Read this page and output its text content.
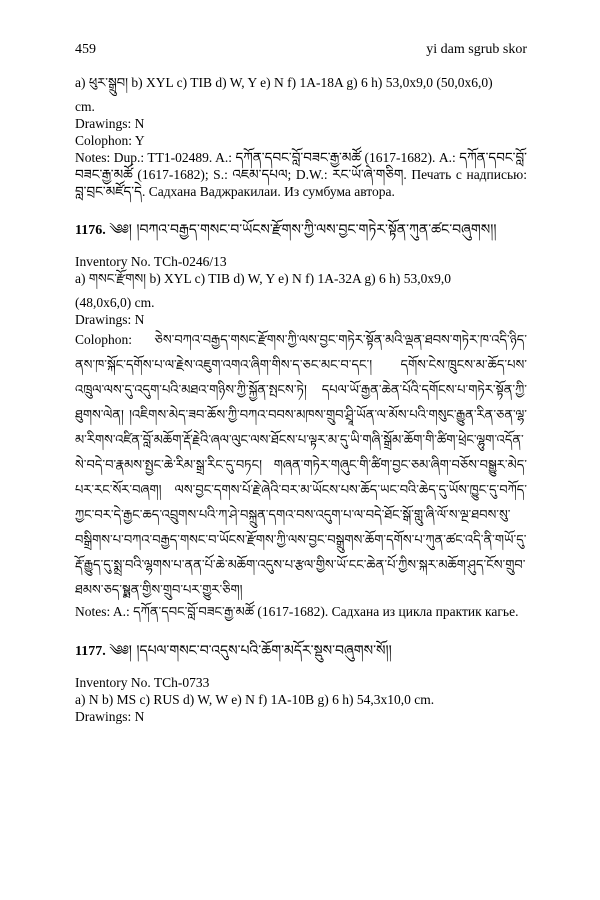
459	yi dam sgrub skor
a) ཕུར་སྒྲུབ། b) XYL c) TIB d) W, Y e) N f) 1A-18A g) 6 h) 53,0x9,0 (50,0x6,0)
cm.
Drawings: N
Colophon: Y
Notes: Dup.: TT1-02489. A.: དཀོན་དབང་བློ་བཟང་རྒྱ་མཚོ (1617-1682). A.: དཀོན་དབང་བློ་བཟང་རྒྱ་མཚོ (1617-1682); S.: འཇམ་དཔལ; D.W.: རང་ཡོ་ཞེ་གཅིག. Печать с надписью: བླ་བྲང་མཛོད་དེ. Садхана Ваджракилаи. Из сумбума автора.
1176. ༄༅། །བཀའ་བརྒྱད་གསང་བ་ཡོངས་རྫོགས་ཀྱི་ལས་བྱང་གཏེར་སྟོན་ཀུན་ཚང་བཞུགས།།
Inventory No. TCh-0246/13
a) གསང་རྫོགས། b) XYL c) TIB d) W, Y e) N f) 1A-32A g) 6 h) 53,0x9,0
(48,0x6,0) cm.
Drawings: N
Colophon: ཅེས་བཀའ་བརྒྱད་གསང་རྫོགས་ཀྱི་ལས་བྱང་གཏེར་སྟོན་མའི་ལྡན་ཐབས་གཏེར་ཁ་འདི་ཉིད་ནས་ཁ་སྐོང་དགོས་པ་ལ་རྗེས་འཇུག་འགའ་ཞིག་གིས་ད་ཅང་མང་བ་དང་། དགོས་ངེས་ཁྲུངས་མ་ཆོད་པས་འཁྲུལ་ལས་དུ་འདུག་པའི་མཐའ་གཉིས་ཀྱི་སྐྱོན་སྤངས་ཏེ། དཔལ་ཡོ་རྒྱན་ཆེན་པོའི་དགོངས་པ་གཏེར་སྟོན་ཀྱི་ཐུགས་ལེན། །འཇིགས་མེད་ཟབ་ཆོས་ཀྱི་བཀའ་བབས་མཁས་གྲུབ་ཤྲཱི་ཡོན་ལ་མོས་པའི་གསུང་རྒྱུན་རིན་ཅན་ལྷ་མ་རིགས་འཛིན་བློ་མཆོག་རྡོ་རྗེའི་ཞལ་ལུང་ལས་ཐོངས་པ་ལྟར་མ་དུ་ཡི་གཞི་སྒྲོམ་ཆོག་གི་ཚིག་ཕྲེང་ལྷུག་འདོན་སེ་བདེ་བ་རྣམས་སྤྱང་ཆེ་རིམ་སྒྲ་རིང་དུ་བཏང། གཞན་གཏེར་གཞུང་གི་ཚིག་བྱང་ཅམ་ཞིག་བཅོས་བསྒྱུར་མེད་པར་རང་སོར་བཞག། ལས་བྱང་དགས་པོ་རྗེ་ཞེའི་བར་མ་ཡོངས་པས་ཆོད་ཡང་བའི་ཆེད་དུ་ཡོས་ཁྱུང་དུ་བཀོད་ཀྱང་བར་དེ་རྒྱང་ཆད་འབྲུགས་པའི་ཀ་ཤེ་བསྐྲུན་དགའ་བས་འདུག་པ་ལ་བདེ་ཐོང་སྒོ་གླུ་ཞི་ལོ་ས་ལྔ་ཐབས་སུ་བསྒྲིགས་པ་བཀའ་བརྒྱད་གསང་བ་ཡོངས་རྫོགས་ཀྱི་ལས་བྱང་བསྒྲུགས་ཆོག་དགོས་པ་ཀུན་ཚང་འདི་ནི་གཡོ་དུ་རྡོ་རྒྱུད་དུ་སྨྲ་བའི་ལྷགས་པ་ནན་པོ་ཆེ་མཆོག་འདུས་པ་རྩལ་གྱིས་ཡོ་ངང་ཆེན་པོ་ཀྱིས་སྐར་མཆོག་ཤུད་ངོས་གྲུབ་ཐམས་ཅད་སྟྨན་གྱིས་གྲུབ་པར་གྱུར་ཅིག།
Notes: A.: དཀོན་དབང་བློ་བཟང་རྒྱ་མཚོ (1617-1682). Садхана из цикла практик кагье.
1177. ༄༅། །དཔལ་གསང་བ་འདུས་པའི་ཆོག་མདོར་སྡུས་བཞུགས་སོ།།
Inventory No. TCh-0733
a) N b) MS c) RUS d) W, W e) N f) 1A-10B g) 6 h) 54,3x10,0 cm.
Drawings: N
